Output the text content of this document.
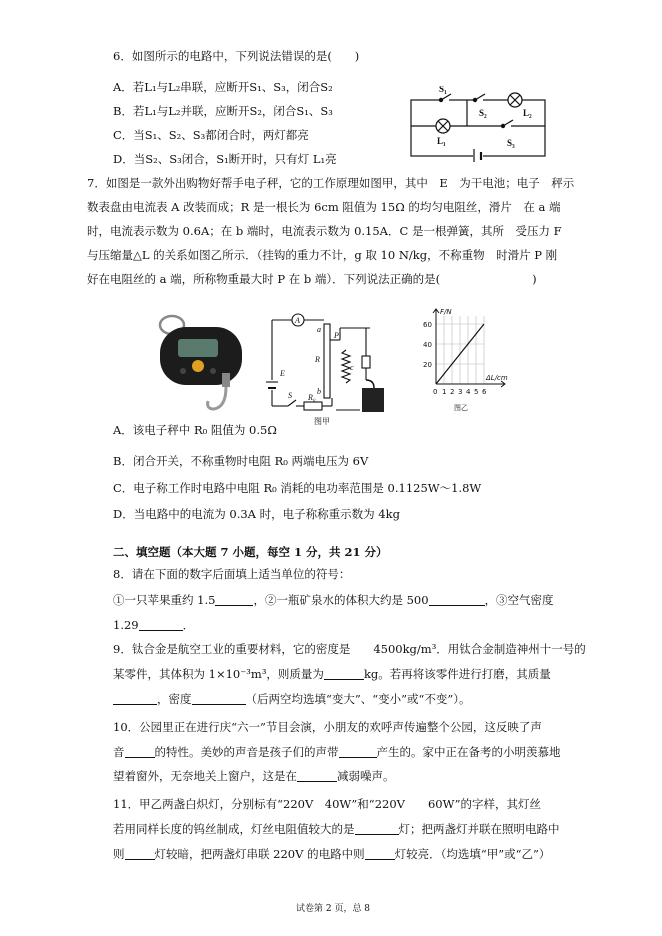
6．如图所示的电路中，下列说法错误的是(　　)
A．若L₁与L₂串联，应断开S₁、S₃，闭合S₂
B．若L₁与L₂并联，应断开S₂，闭合S₁、S₃
C．当S₁、S₂、S₃都闭合时，两灯都亮
D．当S₂、S₃闭合，S₁断开时，只有灯 L₁亮
S₁
S₂	L₂
L₁	S₃
7．如图是一款外出购物好帮手电子秤，它的工作原理如图甲，其中　E　为干电池；电子　秤示
数表盘由电流表 A 改装而成；R 是一根长为 6cm 阻值为 15Ω 的均匀电阻丝，滑片　在 a 端
时，电流表示数为 0.6A；在 b 端时，电流表示数为 0.15A．C 是一根弹簧，其所　受压力 F
与压缩量△L 的关系如图乙所示．（挂钩的重力不计，g 取 10 N/kg，不称重物　时滑片 P 刚
好在电阻丝的 a 端，所称物重最大时 P 在 b 端）．下列说法正确的是(　　　　　　　　)
A
E
S R₀
R
a
b
P
c
图甲
F/N
ΔL/cm
60
40
20
0 1 2 3 4 5 6
图乙
A．该电子秤中 R₀ 阻值为 0.5Ω
B．闭合开关，不称重物时电阻 R₀ 两端电压为 6V
C．电子称工作时电路中电阻 R₀ 消耗的电功率范围是 0.1125W～1.8W
D．当电路中的电流为 0.3A 时，电子称称重示数为 4kg
二、填空题（本大题 7 小题，每空 1 分，共 21 分）
8．请在下面的数字后面填上适当单位的符号：
①一只苹果重约 1.5	，②一瓶矿泉水的体积大约是 500	，③空气密度
1.29	．
9．钛合金是航空工业的重要材料，它的密度是　　4500kg/m³．用钛合金制造神州十一号的
某零件，其体积为 1×10⁻³m³，则质量为	kg。若再将该零件进行打磨，其质量
，密度	（后两空均选填“变大”、“变小”或“不变”）。
10．公园里正在进行庆“六一”节目会演，小朋友的欢呼声传遍整个公园，这反映了声
音	的特性。美妙的声音是孩子们的声带	产生的。家中正在备考的小明羡慕地
望着窗外，无奈地关上窗户，这是在	减弱噪声。
11．甲乙两盏白炽灯，分别标有“220V　40W”和“220V　　60W”的字样，其灯丝
若用同样长度的钨丝制成，灯丝电阻值较大的是	灯；把两盏灯并联在照明电路中
则	灯较暗，把两盏灯串联 220V 的电路中则	灯较亮．（均选填“甲”或“乙”）
试卷第 2 页，总 8
